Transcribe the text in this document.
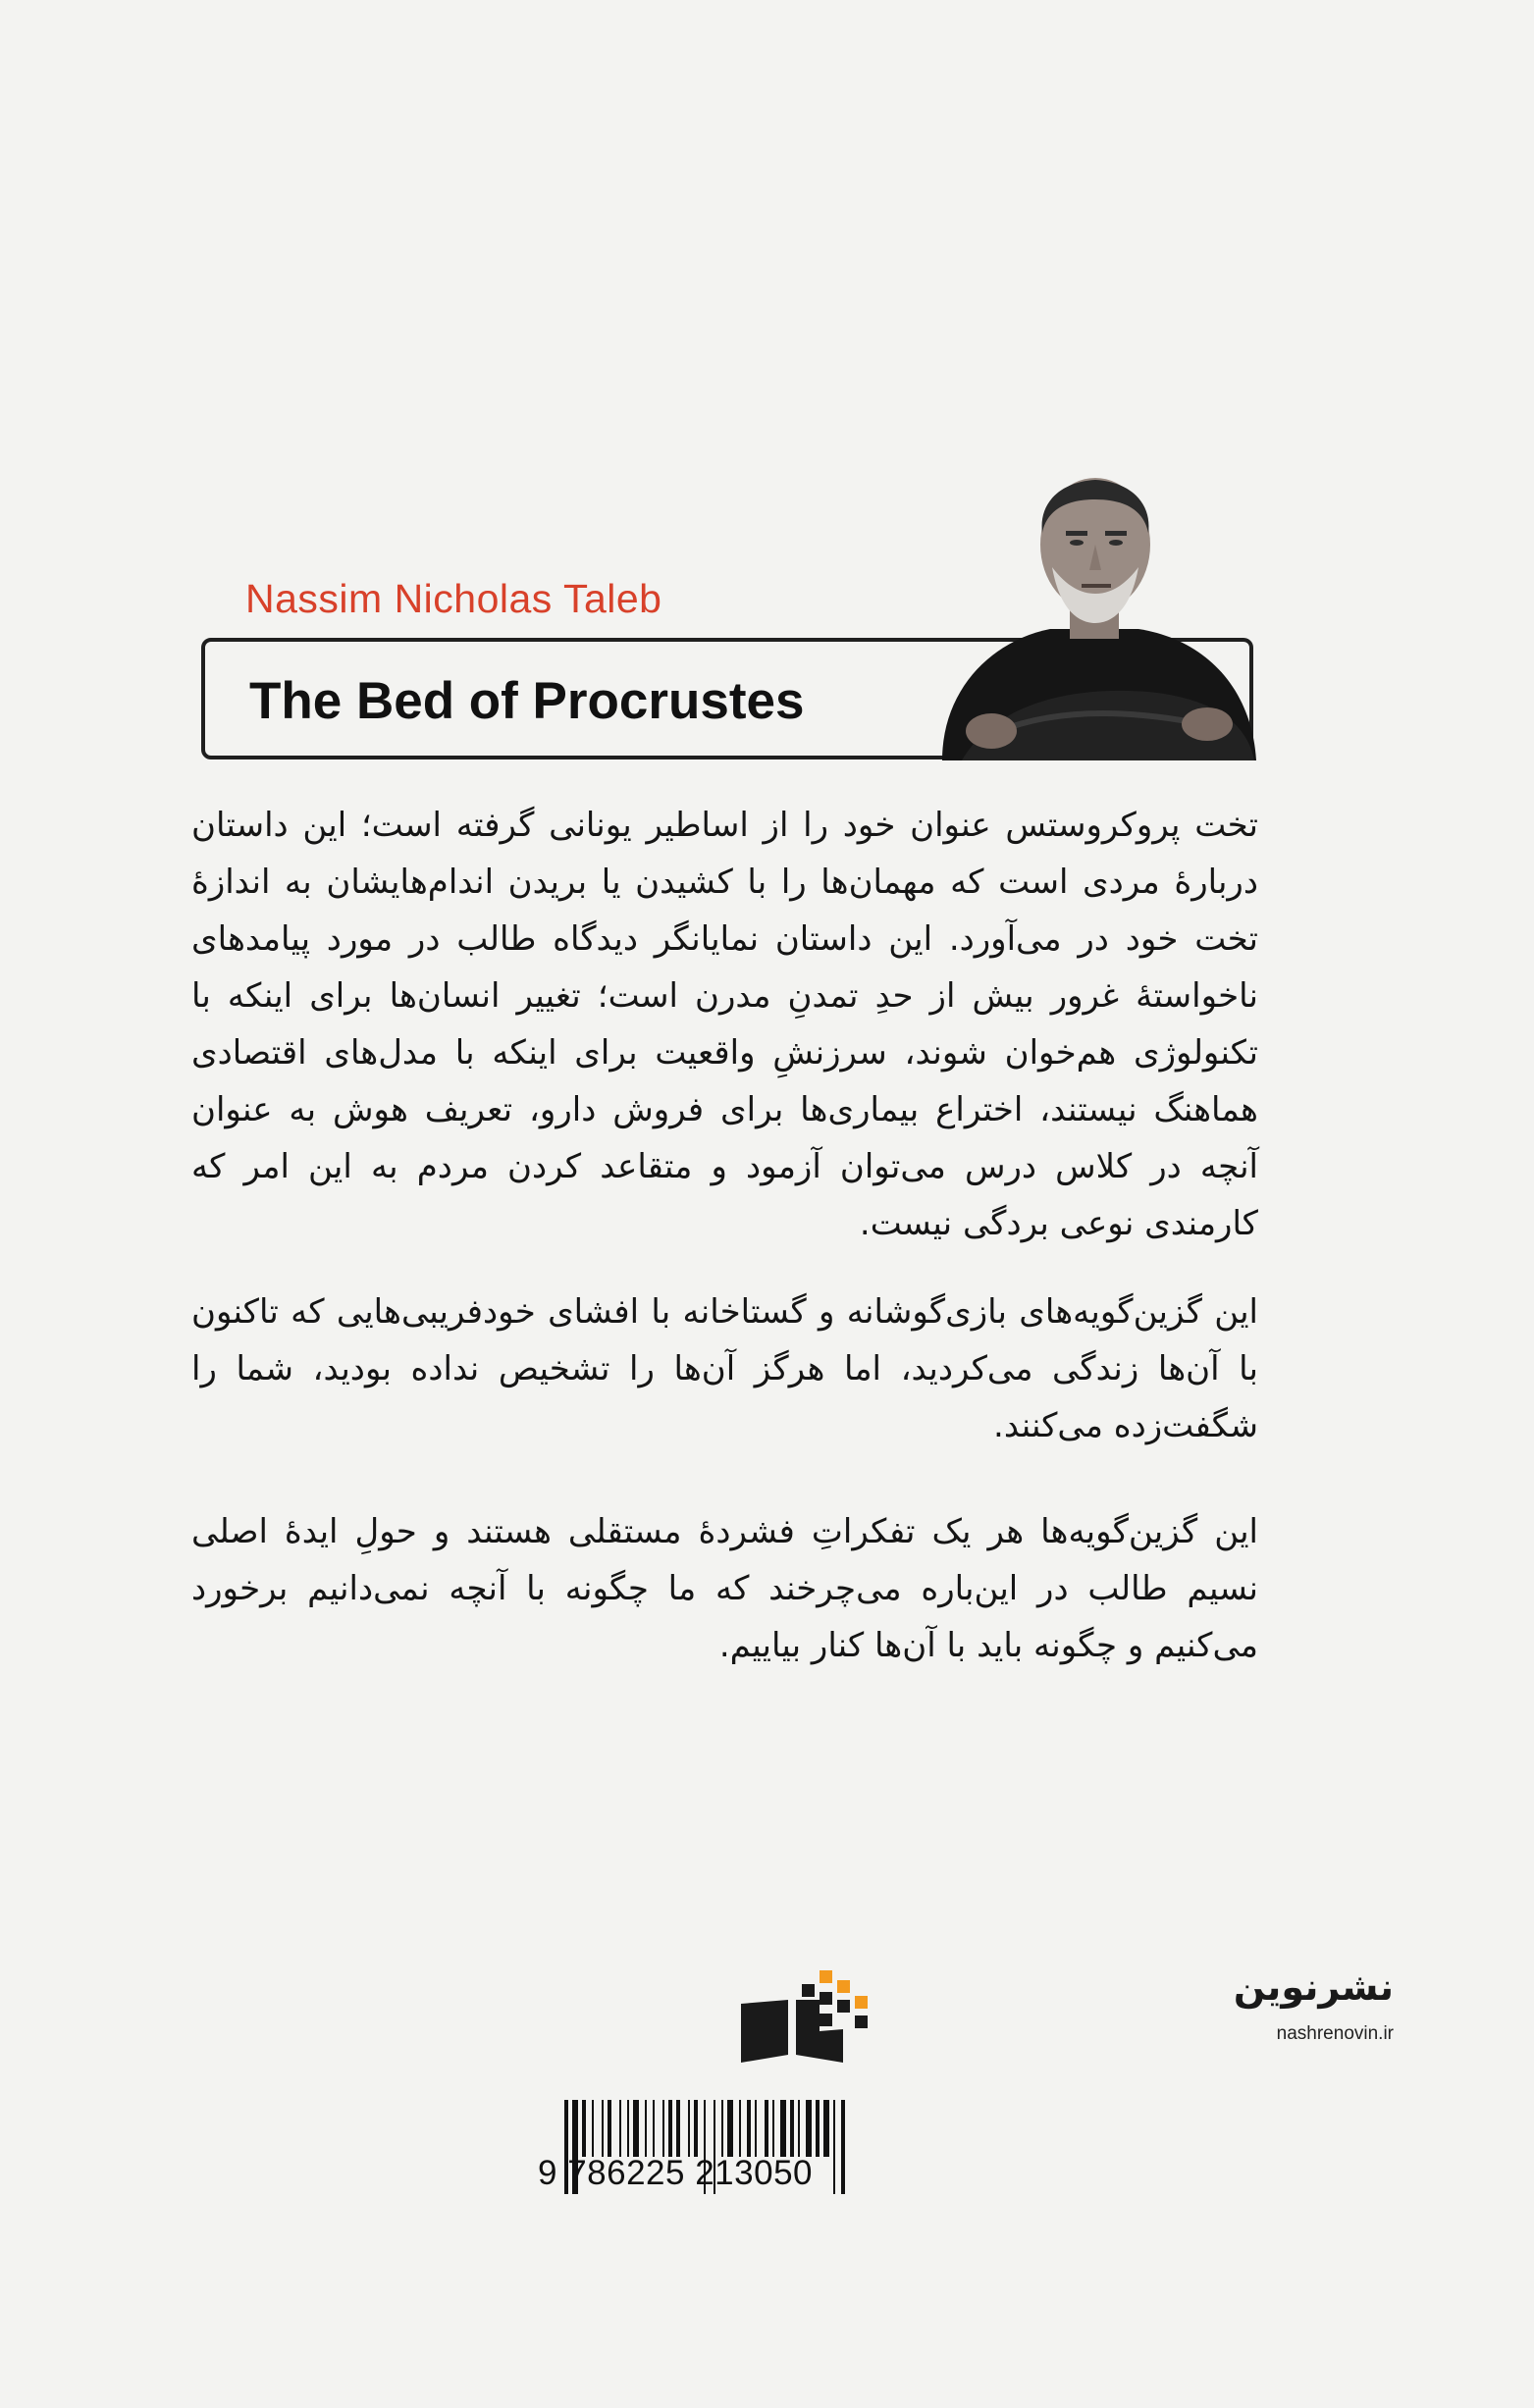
Nassim Nicholas Taleb
The Bed of Procrustes
تخت پروکروستس عنوان خود را از اساطیر یونانی گرفته است؛ این داستان دربارهٔ مردی است که مهمان‌ها را با کشیدن یا بریدن اندام‌هایشان به اندازهٔ تخت خود در می‌آورد. این داستان نمایانگر دیدگاه طالب در مورد پیامدهای ناخواستهٔ غرور بیش از حدِ تمدنِ مدرن است؛ تغییر انسان‌ها برای اینکه با تکنولوژی هم‌خوان شوند، سرزنشِ واقعیت برای اینکه با مدل‌های اقتصادی هماهنگ نیستند، اختراع بیماری‌ها برای فروش دارو، تعریف هوش به عنوان آنچه در کلاس درس می‌توان آزمود و متقاعد کردن مردم به این امر که کارمندی نوعی بردگی نیست.
این گزین‌گویه‌های بازی‌گوشانه و گستاخانه با افشای خودفریبی‌هایی که تاکنون با آن‌ها زندگی می‌کردید، اما هرگز آن‌ها را تشخیص نداده بودید، شما را شگفت‌زده می‌کنند.
این گزین‌گویه‌ها هر یک تفکراتِ فشردهٔ مستقلی هستند و حولِ ایدهٔ اصلی نسیم طالب در این‌باره می‌چرخند که ما چگونه با آنچه نمی‌دانیم برخورد می‌کنیم و چگونه باید با آن‌ها کنار بیاییم.
نشرنوین
nashrenovin.ir
9 786225 213050
